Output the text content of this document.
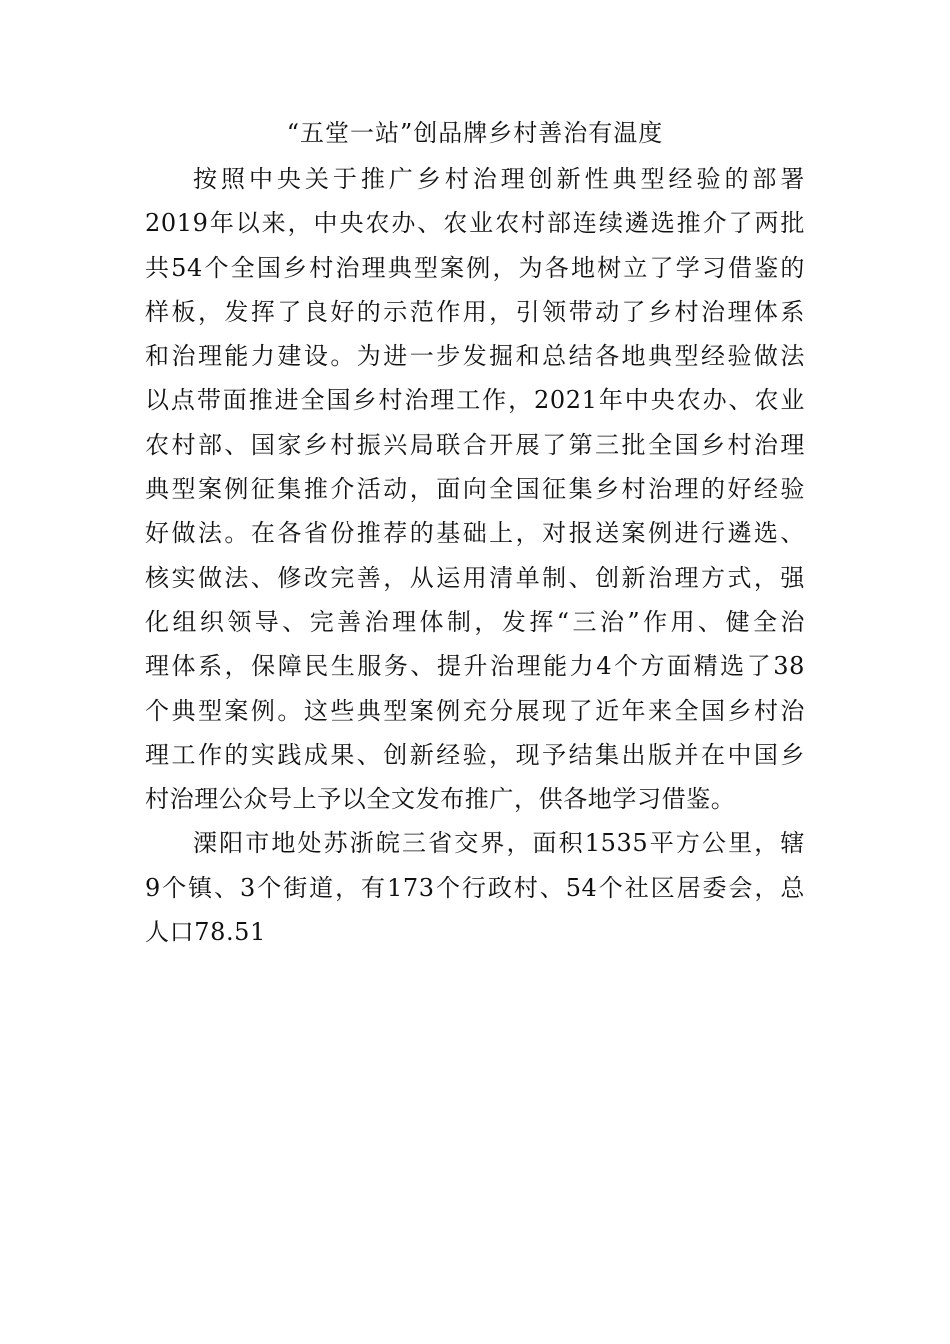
“五堂一站”创品牌乡村善治有温度
按照中央关于推广乡村治理创新性典型经验的部署
2019年以来，中央农办、农业农村部连续遴选推介了两批
共54个全国乡村治理典型案例，为各地树立了学习借鉴的
样板，发挥了良好的示范作用，引领带动了乡村治理体系
和治理能力建设。为进一步发掘和总结各地典型经验做法
以点带面推进全国乡村治理工作，2021年中央农办、农业
农村部、国家乡村振兴局联合开展了第三批全国乡村治理
典型案例征集推介活动，面向全国征集乡村治理的好经验
好做法。在各省份推荐的基础上，对报送案例进行遴选、
核实做法、修改完善，从运用清单制、创新治理方式，强
化组织领导、完善治理体制，发挥“三治”作用、健全治
理体系，保障民生服务、提升治理能力4个方面精选了38
个典型案例。这些典型案例充分展现了近年来全国乡村治
理工作的实践成果、创新经验，现予结集出版并在中国乡
村治理公众号上予以全文发布推广，供各地学习借鉴。
溧阳市地处苏浙皖三省交界，面积1535平方公里，辖
9个镇、3个街道，有173个行政村、54个社区居委会，总
人口78.51
